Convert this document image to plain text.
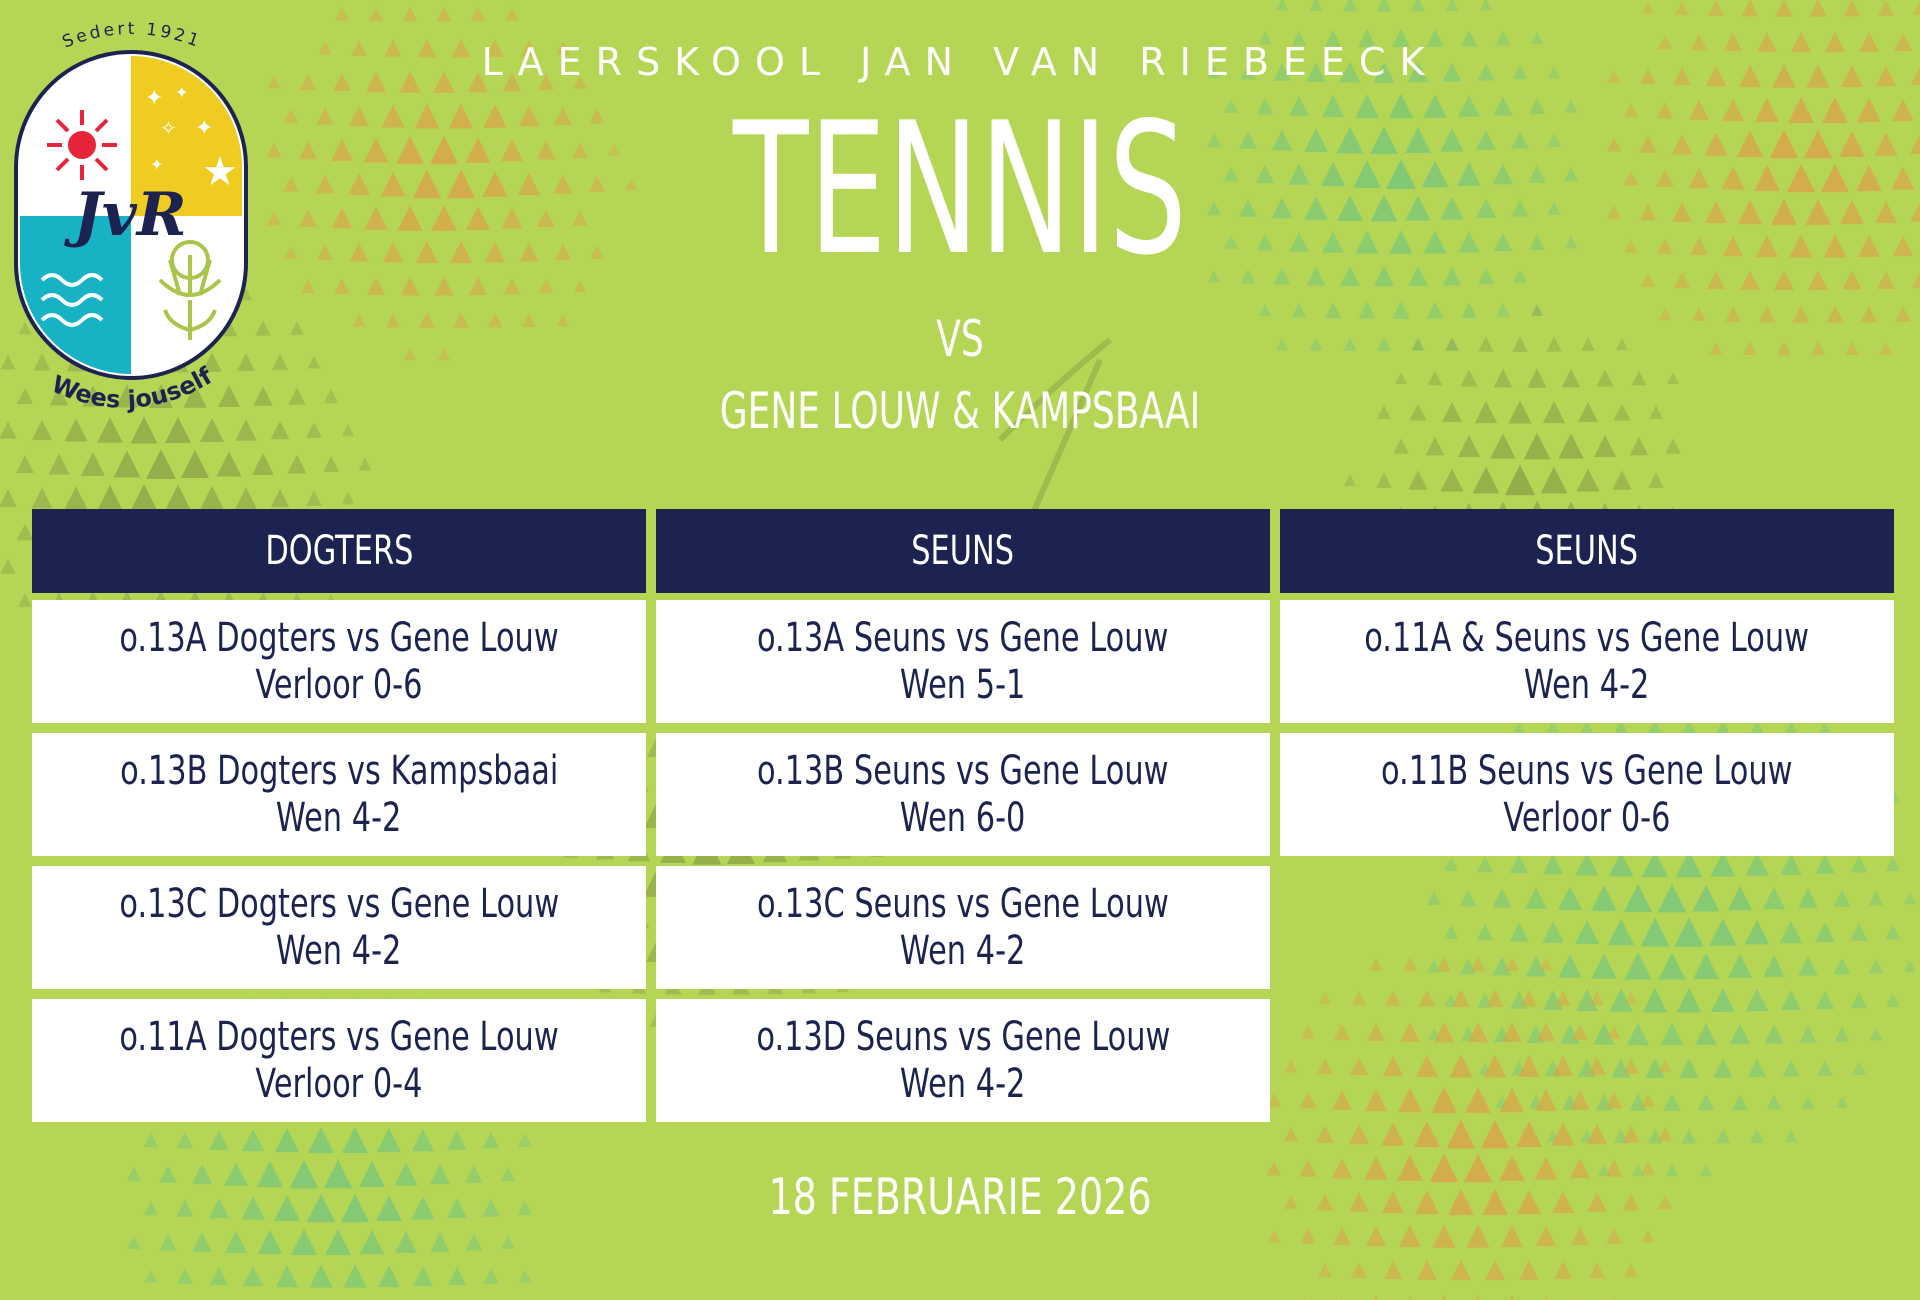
Sedert 1921
✦ ✦
✧ ✦
✦ ★
JvR
Wees jouself
LAERSKOOL JAN VAN RIEBEECK
TENNIS
VS
GENE LOUW & KAMPSBAAI
DOGTERS
o.13A Dogters vs Gene Louw
Verloor 0-6
o.13B Dogters vs Kampsbaai
Wen 4-2
o.13C Dogters vs Gene Louw
Wen 4-2
o.11A Dogters vs Gene Louw
Verloor 0-4
SEUNS
o.13A Seuns vs Gene Louw
Wen 5-1
o.13B Seuns vs Gene Louw
Wen 6-0
o.13C Seuns vs Gene Louw
Wen 4-2
o.13D Seuns vs Gene Louw
Wen 4-2
SEUNS
o.11A & Seuns vs Gene Louw
Wen 4-2
o.11B Seuns vs Gene Louw
Verloor 0-6
18 FEBRUARIE 2026
